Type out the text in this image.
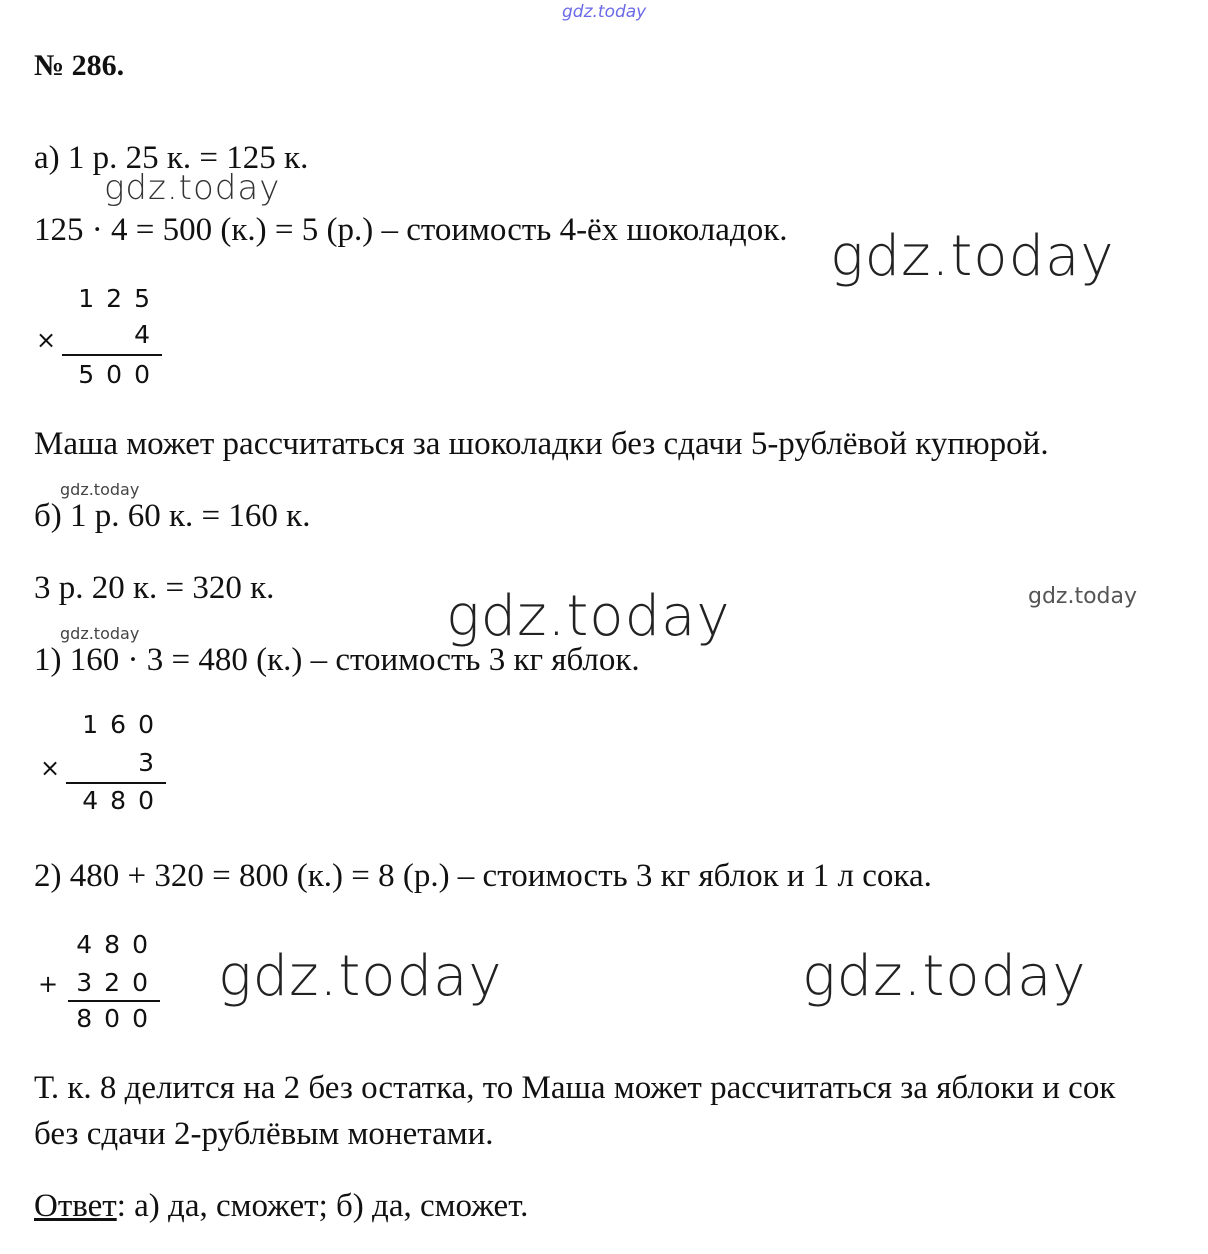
gdz.today
gdz.today
gdz.today
gdz.today
gdz.today	gdz.today
gdz.today
gdz.today	gdz.today
№ 286.
а) 1 р. 25 к. = 125 к.
125 · 4 = 500 (к.) = 5 (р.) – стоимость 4-ёх шоколадок.
125
×	4
500
Маша может рассчитаться за шоколадки без сдачи 5-рублёвой купюрой.
б) 1 р. 60 к. = 160 к.
3 р. 20 к. = 320 к.
1) 160 · 3 = 480 (к.) – стоимость 3 кг яблок.
160
×	3
480
2) 480 + 320 = 800 (к.) = 8 (р.) – стоимость 3 кг яблок и 1 л сока.
480
+ 320
800
Т. к. 8 делится на 2 без остатка, то Маша может рассчитаться за яблоки и сок
без сдачи 2-рублёвым монетами.
Ответ: а) да, сможет; б) да, сможет.
